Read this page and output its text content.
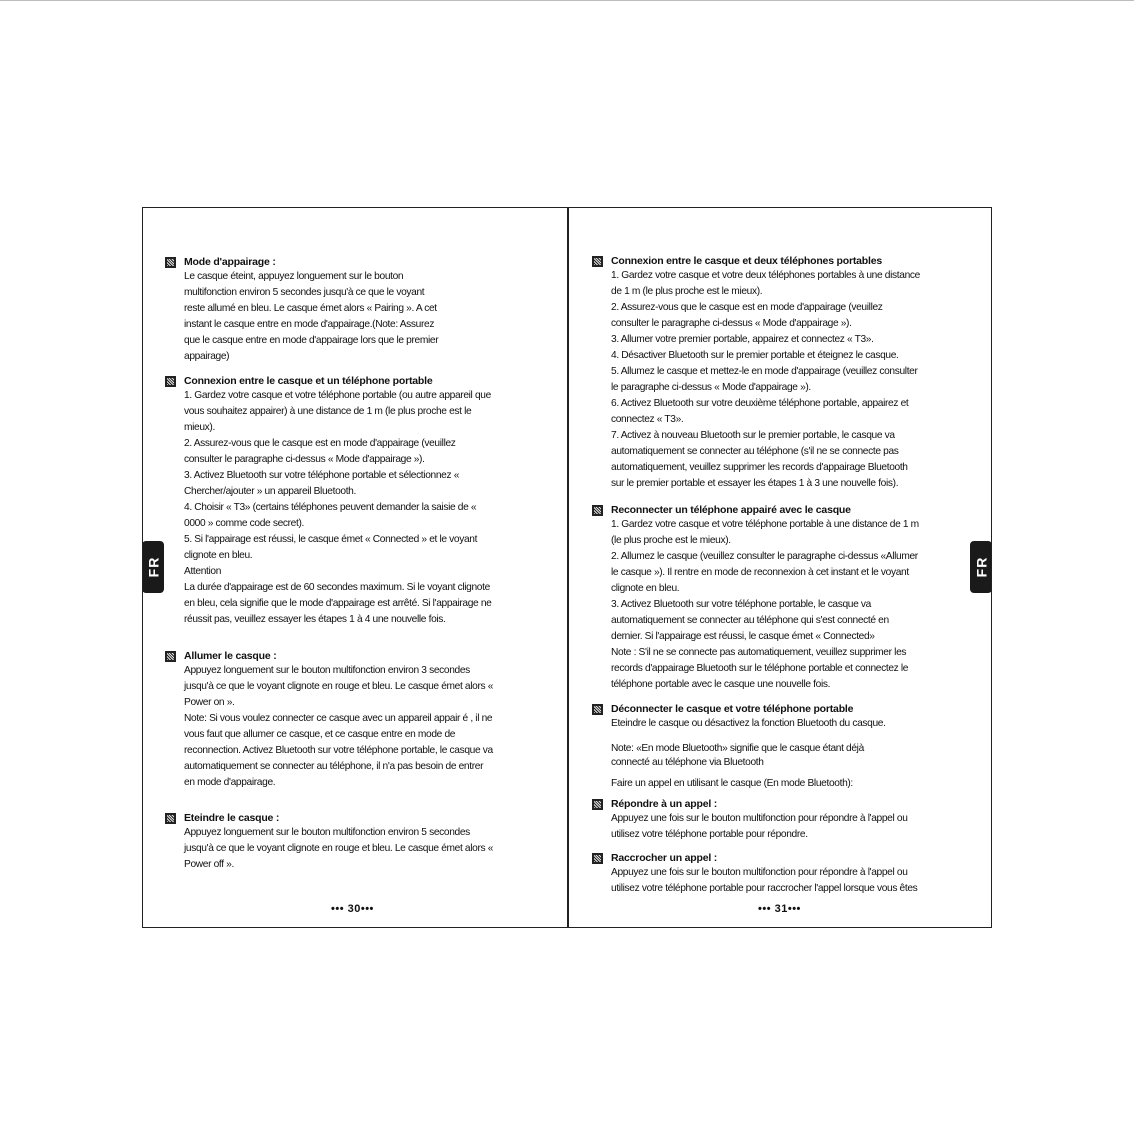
FR	FR
Mode d'appairage :

Le casque éteint, appuyez longuement sur le bouton

multifonction environ 5 secondes jusqu'à ce que le voyant

reste allumé en bleu. Le casque émet alors « Pairing ». A cet

instant le casque entre en mode d'appairage.(Note: Assurez

que le casque entre en mode d'appairage lors que le premier

appairage)

Connexion entre le casque et un téléphone portable

1. Gardez votre casque et votre téléphone portable (ou autre appareil que

vous souhaitez appairer) à une distance de 1 m (le plus proche est le

mieux).

2. Assurez-vous que le casque est en mode d'appairage (veuillez

consulter le paragraphe ci-dessus « Mode d'appairage »).

3. Activez Bluetooth sur votre téléphone portable et sélectionnez «

Chercher/ajouter » un appareil Bluetooth.

4. Choisir « T3» (certains téléphones peuvent demander la saisie de «

0000 » comme code secret).

5. Si l'appairage est réussi, le casque émet « Connected » et le voyant

clignote en bleu.

Attention

La durée d'appairage est de 60 secondes maximum. Si le voyant clignote

en bleu, cela signifie que le mode d'appairage est arrêté. Si l'appairage ne

réussit pas, veuillez essayer les étapes 1 à 4 une nouvelle fois.

Allumer le casque :

Appuyez longuement sur le bouton multifonction environ 3 secondes

jusqu'à ce que le voyant clignote en rouge et bleu. Le casque émet alors «

Power on ».

Note: Si vous voulez connecter ce casque avec un appareil appair é , il ne

vous faut que allumer ce casque, et ce casque entre en mode de

reconnection. Activez Bluetooth sur votre téléphone portable, le casque va

automatiquement se connecter au téléphone, il n'a pas besoin de entrer

en mode d'appairage.

Eteindre le casque :

Appuyez longuement sur le bouton multifonction environ 5 secondes

jusqu'à ce que le voyant clignote en rouge et bleu. Le casque émet alors «

Power off ».

••• 30•••
Connexion entre le casque et deux téléphones portables

1. Gardez votre casque et votre deux téléphones portables à une distance

de 1 m (le plus proche est le mieux).

2. Assurez-vous que le casque est en mode d'appairage (veuillez

consulter le paragraphe ci-dessus « Mode d'appairage »).

3. Allumer votre premier portable, appairez et connectez « T3».

4. Désactiver Bluetooth sur le premier portable et éteignez le casque.

5. Allumez le casque et mettez-le en mode d'appairage (veuillez consulter

le paragraphe ci-dessus « Mode d'appairage »).

6. Activez Bluetooth sur votre deuxième téléphone portable, appairez et

connectez « T3».

7. Activez à nouveau Bluetooth sur le premier portable, le casque va

automatiquement se connecter au téléphone (s'il ne se connecte pas

automatiquement, veuillez supprimer les records d'appairage Bluetooth

sur le premier portable et essayer les étapes 1 à 3 une nouvelle fois).

Reconnecter un téléphone appairé avec le casque

1. Gardez votre casque et votre téléphone portable à une distance de 1 m

(le plus proche est le mieux).

2. Allumez le casque (veuillez consulter le paragraphe ci-dessus «Allumer

le casque »). Il rentre en mode de reconnexion à cet instant et le voyant

clignote en bleu.

3. Activez Bluetooth sur votre téléphone portable, le casque va

automatiquement se connecter au téléphone qui s'est connecté en

dernier. Si l'appairage est réussi, le casque émet « Connected»

Note : S'il ne se connecte pas automatiquement, veuillez supprimer les

records d'appairage Bluetooth sur le téléphone portable et connectez le

téléphone portable avec le casque une nouvelle fois.

Déconnecter le casque et votre téléphone portable

Eteindre le casque ou désactivez la fonction Bluetooth du casque.

Note: «En mode Bluetooth» signifie que le casque étant déjà

connecté au téléphone via Bluetooth

Faire un appel en utilisant le casque (En mode Bluetooth):

Répondre à un appel :

Appuyez une fois sur le bouton multifonction pour répondre à l'appel ou

utilisez votre téléphone portable pour répondre.

Raccrocher un appel :

Appuyez une fois sur le bouton multifonction pour répondre à l'appel ou

utilisez votre téléphone portable pour raccrocher l'appel lorsque vous êtes

••• 31•••
